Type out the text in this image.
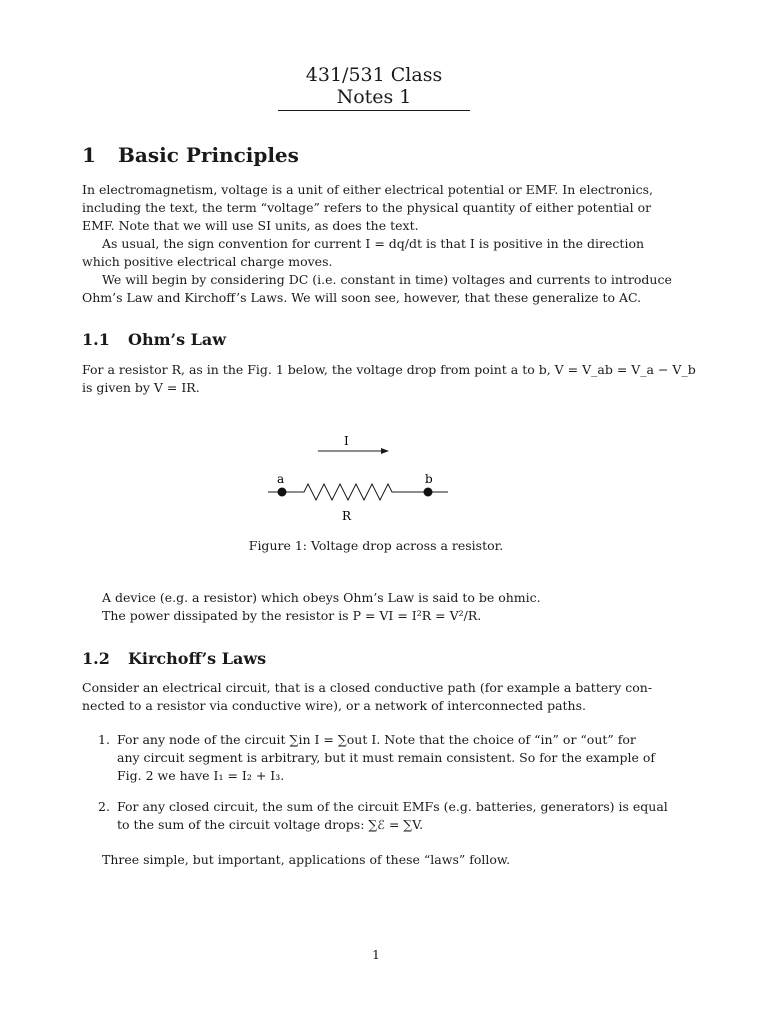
431/531 Class Notes 1
1 Basic Principles
In electromagnetism, voltage is a unit of either electrical potential or EMF. In electronics,
including the text, the term “voltage” refers to the physical quantity of either potential or
EMF. Note that we will use SI units, as does the text.
As usual, the sign convention for current I = dq/dt is that I is positive in the direction
which positive electrical charge moves.
We will begin by considering DC (i.e. constant in time) voltages and currents to introduce
Ohm’s Law and Kirchoff’s Laws. We will soon see, however, that these generalize to AC.
1.1 Ohm’s Law
For a resistor R, as in the Fig. 1 below, the voltage drop from point a to b, V = V_ab = V_a − V_b
is given by V = IR.
I
a	b
R
Figure 1: Voltage drop across a resistor.
A device (e.g. a resistor) which obeys Ohm’s Law is said to be ohmic.
The power dissipated by the resistor is P = VI = I²R = V²/R.
1.2 Kirchoff’s Laws
Consider an electrical circuit, that is a closed conductive path (for example a battery con-
nected to a resistor via conductive wire), or a network of interconnected paths.
1. For any node of the circuit ∑in I = ∑out I. Note that the choice of “in” or “out” for
any circuit segment is arbitrary, but it must remain consistent. So for the example of
Fig. 2 we have I₁ = I₂ + I₃.
2. For any closed circuit, the sum of the circuit EMFs (e.g. batteries, generators) is equal
to the sum of the circuit voltage drops: ∑ℰ = ∑V.
Three simple, but important, applications of these “laws” follow.
1
